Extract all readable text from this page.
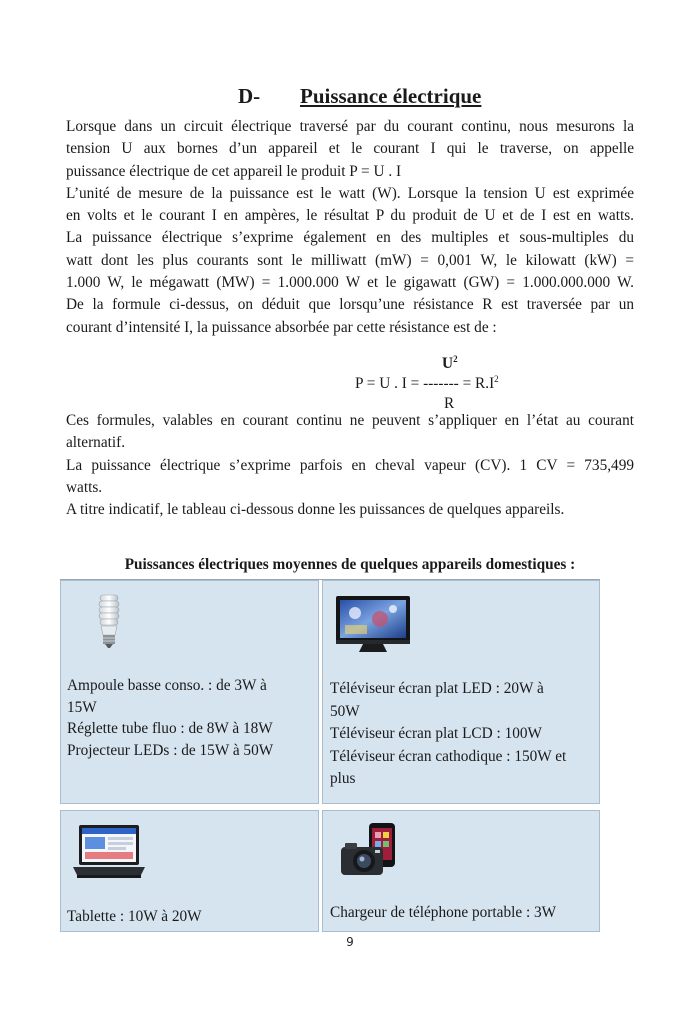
D- Puissance électrique

Lorsque dans un circuit électrique traversé par du courant continu, nous mesurons la

tension U aux bornes d’un appareil et le courant I qui le traverse, on appelle

puissance électrique de cet appareil le produit P = U . I

L’unité de mesure de la puissance est le watt (W). Lorsque la tension U est exprimée

en volts et le courant I en ampères, le résultat P du produit de U et de I est en watts.

La puissance électrique s’exprime également en des multiples et sous-multiples du

watt dont les plus courants sont le milliwatt (mW) = 0,001 W, le kilowatt (kW) =

1.000 W, le mégawatt (MW) = 1.000.000 W et le gigawatt (GW) = 1.000.000.000 W.

De la formule ci-dessus, on déduit que lorsqu’une résistance R est traversée par un

courant d’intensité I, la puissance absorbée par cette résistance est de :

$U^2$
P = U . I = ------- = $R.I^2$
R

Ces formules, valables en courant continu ne peuvent s’appliquer en l’état au courant

alternatif.

La puissance électrique s’exprime parfois en cheval vapeur (CV). 1 CV = 735,499

watts.

A titre indicatif, le tableau ci-dessous donne les puissances de quelques appareils.

Puissances électriques moyennes de quelques appareils domestiques :
Ampoule basse conso. : de 3W à
15W
Réglette tube fluo : de 8W à 18W
Projecteur LEDs : de 15W à 50W
Téléviseur écran plat LED : 20W à
50W
Téléviseur écran plat LCD : 100W
Téléviseur écran cathodique : 150W et
plus
Tablette : 10W à 20W	Chargeur de téléphone portable : 3W
9
